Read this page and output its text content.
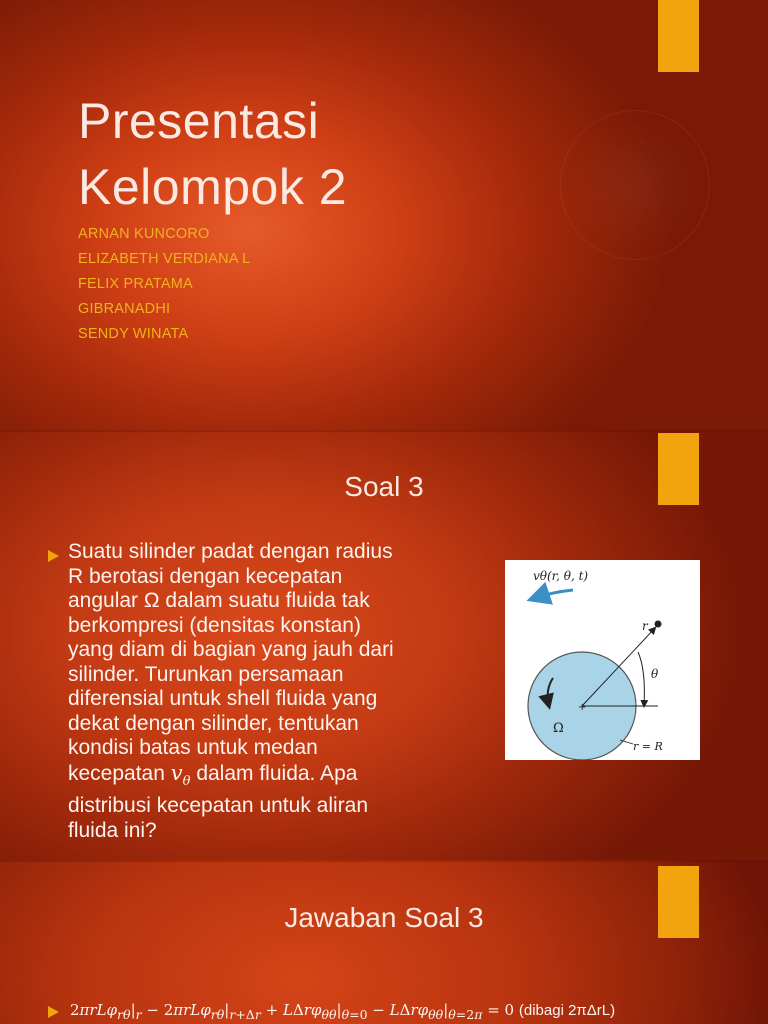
Presentasi
Kelompok 2
ARNAN KUNCORO
ELIZABETH VERDIANA L
FELIX PRATAMA
GIBRANADHI
SENDY WINATA
Soal 3
Suatu silinder padat dengan radius
R berotasi dengan kecepatan
angular Ω dalam suatu fluida tak
berkompresi (densitas konstan)
yang diam di bagian yang jauh dari
silinder. Turunkan persamaan
diferensial untuk shell fluida yang
dekat dengan silinder, tentukan
kondisi batas untuk medan
kecepatan $v_\theta$ dalam fluida. Apa
distribusi kecepatan untuk aliran
fluida ini?
vθ(r, θ, t)
r
θ
+
Ω
r = R
Jawaban Soal 3
$2\pi rL\varphi_{r\theta}|_r - 2\pi rL\varphi_{r\theta}|_{r+\Delta r} + L\Delta r\varphi_{\theta\theta}|_{\theta=0} - L\Delta r\varphi_{\theta\theta}|_{\theta=2\pi} = 0$ (dibagi 2πΔrL)
